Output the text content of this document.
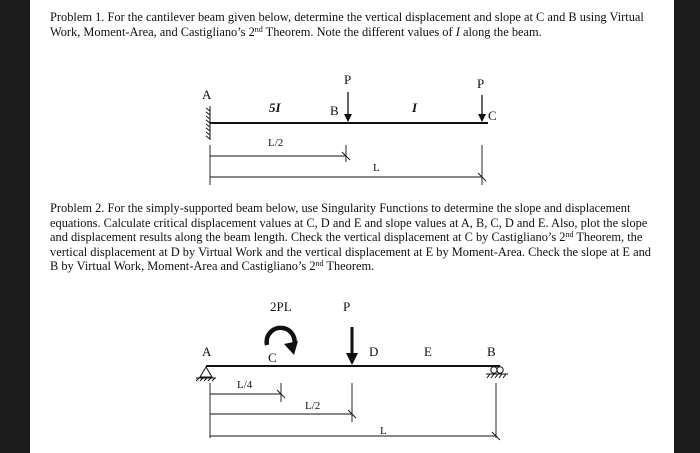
Problem 1. For the cantilever beam given below, determine the vertical displacement and slope at C and B using Virtual Work, Moment-Area, and Castigliano’s 2nd Theorem. Note the different values of I along the beam.

A
5I	B
P
I
P
C
L/2
L

Problem 2. For the simply-supported beam below, use Singularity Functions to determine the slope and displacement equations. Calculate critical displacement values at C, D and E and slope values at A, B, C, D and E. Also, plot the slope and displacement results along the beam length. Check the vertical displacement at C by Castigliano’s 2nd Theorem, the vertical displacement at D by Virtual Work and the vertical displacement at E by Moment-Area. Check the slope at E and B by Virtual Work, Moment-Area and Castigliano’s 2nd Theorem.

2PL	P
A	C	D	E	B
L/4
L/2
L
